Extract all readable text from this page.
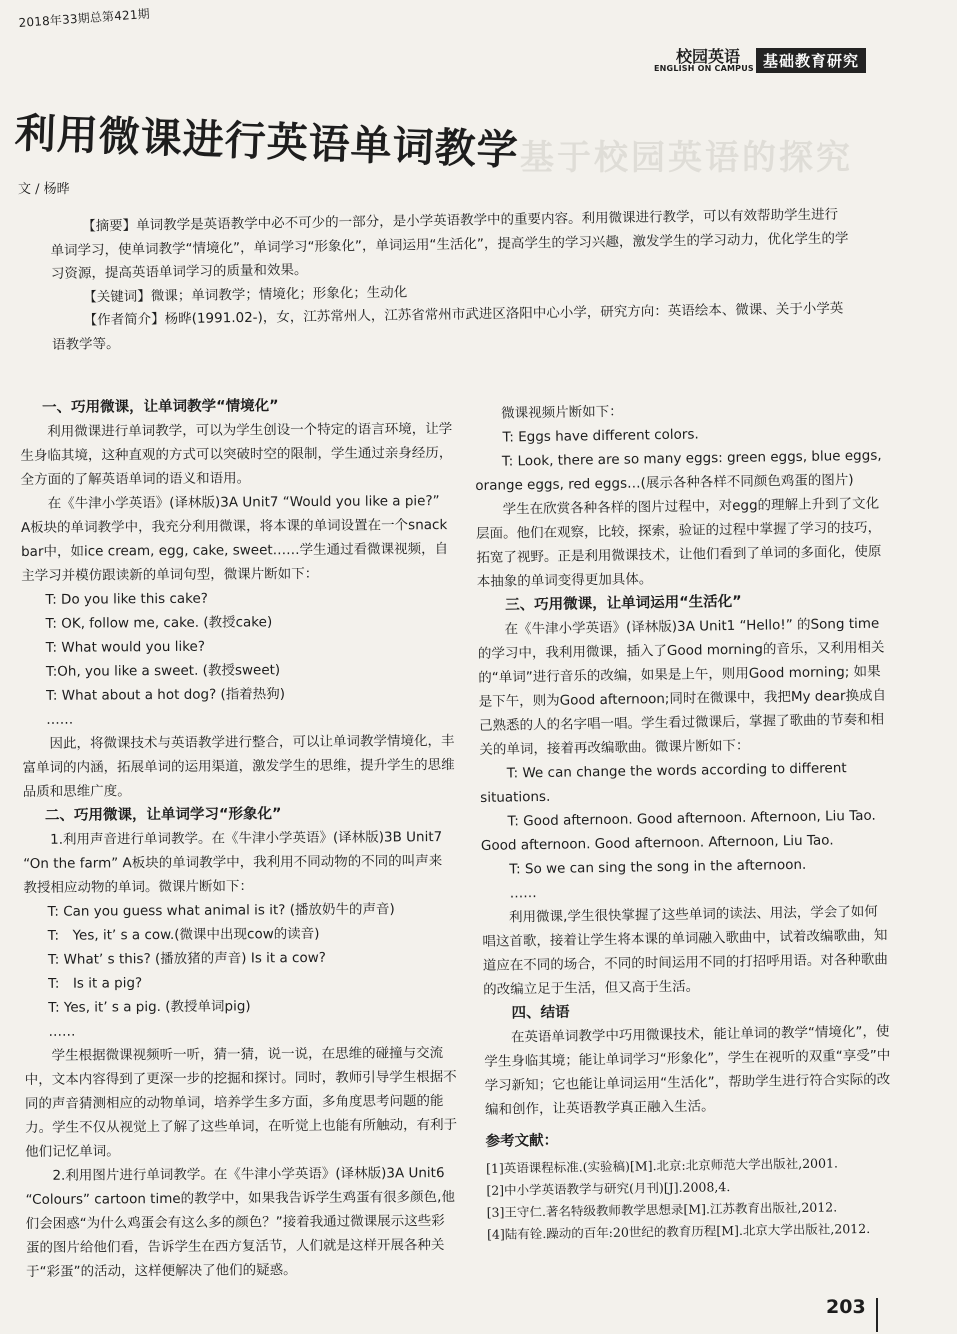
2018年33期总第421期
校园英语
ENGLISH ON CAMPUS 基础教育研究
基于校园英语的探究
利用微课进行英语单词教学
文 / 杨晔

【摘要】单词教学是英语教学中必不可少的一部分，是小学英语教学中的重要内容。利用微课进行教学，可以有效帮助学生进行单词学习，使单词教学“情境化”，单词学习“形象化”，单词运用“生活化”，提高学生的学习兴趣，激发学生的学习动力，优化学生的学习资源，提高英语单词学习的质量和效果。

【关键词】微课；单词教学；情境化；形象化；生动化

【作者简介】杨晔(1991.02-)，女，江苏常州人，江苏省常州市武进区洛阳中心小学，研究方向：英语绘本、微课、关于小学英语教学等。

一、巧用微课，让单词教学“情境化”

利用微课进行单词教学，可以为学生创设一个特定的语言环境，让学生身临其境，这种直观的方式可以突破时空的限制，学生通过亲身经历，全方面的了解英语单词的语义和语用。

在《牛津小学英语》(译林版)3A Unit7 “Would you like a pie?” A板块的单词教学中，我充分利用微课，将本课的单词设置在一个snack bar中，如ice cream, egg, cake, sweet……学生通过看微课视频，自主学习并模仿跟读新的单词句型，微课片断如下：

T: Do you like this cake?

T: OK, follow me, cake. (教授cake)

T: What would you like?

T:Oh, you like a sweet. (教授sweet)

T: What about a hot dog? (指着热狗)

……

因此，将微课技术与英语教学进行整合，可以让单词教学情境化，丰富单词的内涵，拓展单词的运用渠道，激发学生的思维，提升学生的思维品质和思维广度。

二、巧用微课，让单词学习“形象化”

1.利用声音进行单词教学。在《牛津小学英语》(译林版)3B Unit7 “On the farm” A板块的单词教学中，我利用不同动物的不同的叫声来教授相应动物的单词。微课片断如下：

T: Can you guess what animal is it? (播放奶牛的声音)

T:　Yes, it’ s a cow.(微课中出现cow的读音)

T: What’ s this? (播放猪的声音) Is it a cow?

T:　Is it a pig?

T: Yes, it’ s a pig. (教授单词pig)

……

学生根据微课视频听一听，猜一猜，说一说，在思维的碰撞与交流中，文本内容得到了更深一步的挖掘和探讨。同时，教师引导学生根据不同的声音猜测相应的动物单词，培养学生多方面，多角度思考问题的能力。学生不仅从视觉上了解了这些单词，在听觉上也能有所触动，有利于他们记忆单词。

2.利用图片进行单词教学。在《牛津小学英语》(译林版)3A Unit6 “Colours” cartoon time的教学中，如果我告诉学生鸡蛋有很多颜色,他们会困惑“为什么鸡蛋会有这么多的颜色？”接着我通过微课展示这些彩蛋的图片给他们看，告诉学生在西方复活节，人们就是这样开展各种关于“彩蛋”的活动，这样便解决了他们的疑惑。

微课视频片断如下：

T: Eggs have different colors.

T: Look, there are so many eggs: green eggs, blue eggs, orange eggs, red eggs…(展示各种各样不同颜色鸡蛋的图片)

学生在欣赏各种各样的图片过程中，对egg的理解上升到了文化层面。他们在观察，比较，探索，验证的过程中掌握了学习的技巧，拓宽了视野。正是利用微课技术，让他们看到了单词的多面化，使原本抽象的单词变得更加具体。

三、巧用微课，让单词运用“生活化”

在《牛津小学英语》(译林版)3A Unit1 “Hello!” 的Song time的学习中，我利用微课，插入了Good morning的音乐，又利用相关的“单词”进行音乐的改编，如果是上午，则用Good morning; 如果是下午，则为Good afternoon;同时在微课中，我把My dear换成自己熟悉的人的名字唱一唱。学生看过微课后，掌握了歌曲的节奏和相关的单词，接着再改编歌曲。微课片断如下：

T: We can change the words according to different situations.

T: Good afternoon. Good afternoon. Afternoon, Liu Tao. Good afternoon. Good afternoon. Afternoon, Liu Tao.

T: So we can sing the song in the afternoon.

……

利用微课,学生很快掌握了这些单词的读法、用法，学会了如何唱这首歌，接着让学生将本课的单词融入歌曲中，试着改编歌曲，知道应在不同的场合，不同的时间运用不同的打招呼用语。对各种歌曲的改编立足于生活，但又高于生活。

四、结语

在英语单词教学中巧用微课技术，能让单词的教学“情境化”，使学生身临其境；能让单词学习“形象化”，学生在视听的双重“享受”中学习新知；它也能让单词运用“生活化”，帮助学生进行符合实际的改编和创作，让英语教学真正融入生活。

参考文献：
[1]英语课程标准.(实验稿)[M].北京:北京师范大学出版社,2001.
[2]中小学英语教学与研究(月刊)[J].2008,4.
[3]王守仁.著名特级教师教学思想录[M].江苏教育出版社,2012.
[4]陆有铨.躁动的百年:20世纪的教育历程[M].北京大学出版社,2012.
203
